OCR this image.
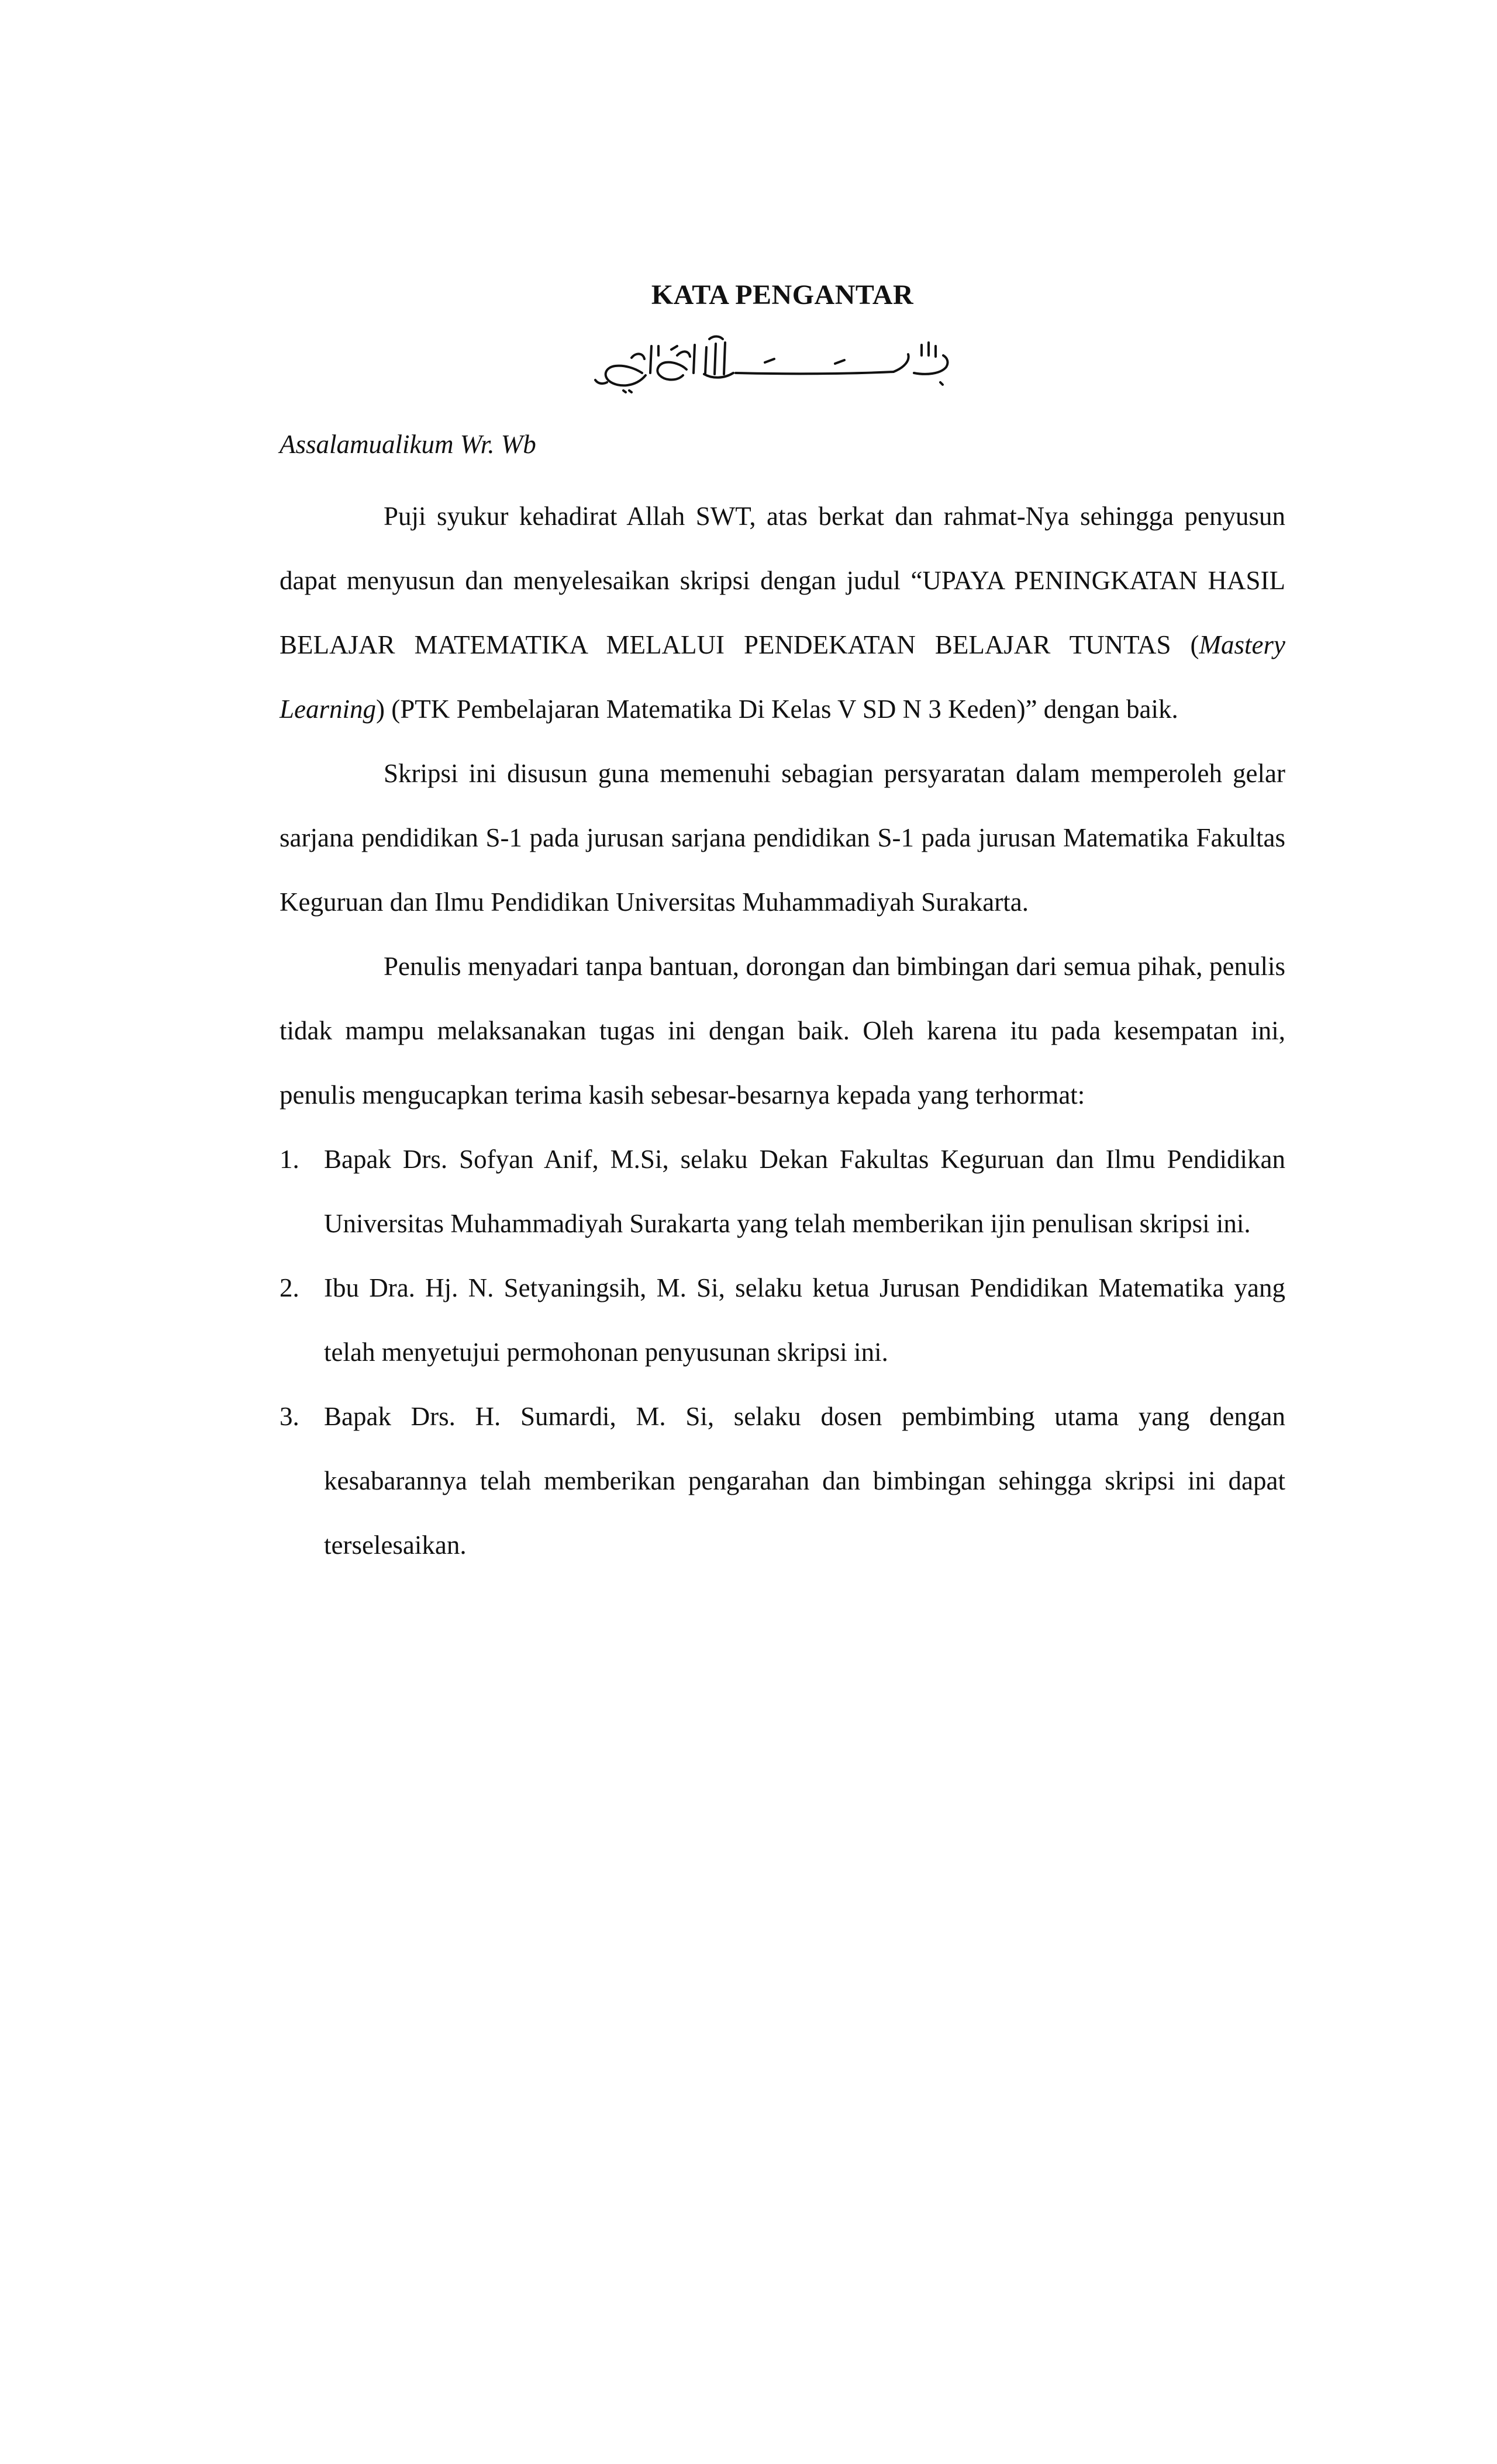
KATA PENGANTAR

Assalamualikum Wr. Wb

Puji syukur kehadirat Allah SWT, atas berkat dan rahmat-Nya sehingga penyusun dapat menyusun dan menyelesaikan skripsi dengan judul “UPAYA PENINGKATAN HASIL BELAJAR MATEMATIKA MELALUI PENDEKATAN BELAJAR TUNTAS (Mastery Learning) (PTK Pembelajaran Matematika Di Kelas V SD N 3 Keden)” dengan baik.

Skripsi ini disusun guna memenuhi sebagian persyaratan dalam memperoleh gelar sarjana pendidikan S-1 pada jurusan sarjana pendidikan S-1 pada jurusan Matematika Fakultas Keguruan dan Ilmu Pendidikan Universitas Muhammadiyah Surakarta.

Penulis menyadari tanpa bantuan, dorongan dan bimbingan dari semua pihak, penulis tidak mampu melaksanakan tugas ini dengan baik. Oleh karena itu pada kesempatan ini, penulis mengucapkan terima kasih sebesar-besarnya kepada yang terhormat:

1. Bapak Drs. Sofyan Anif, M.Si, selaku Dekan Fakultas Keguruan dan Ilmu Pendidikan Universitas Muhammadiyah Surakarta yang telah memberikan ijin penulisan skripsi ini.
2. Ibu Dra. Hj. N. Setyaningsih, M. Si, selaku ketua Jurusan Pendidikan Matematika yang telah menyetujui permohonan penyusunan skripsi ini.
3. Bapak Drs. H. Sumardi, M. Si, selaku dosen pembimbing utama yang dengan kesabarannya telah memberikan pengarahan dan bimbingan sehingga skripsi ini dapat terselesaikan.
